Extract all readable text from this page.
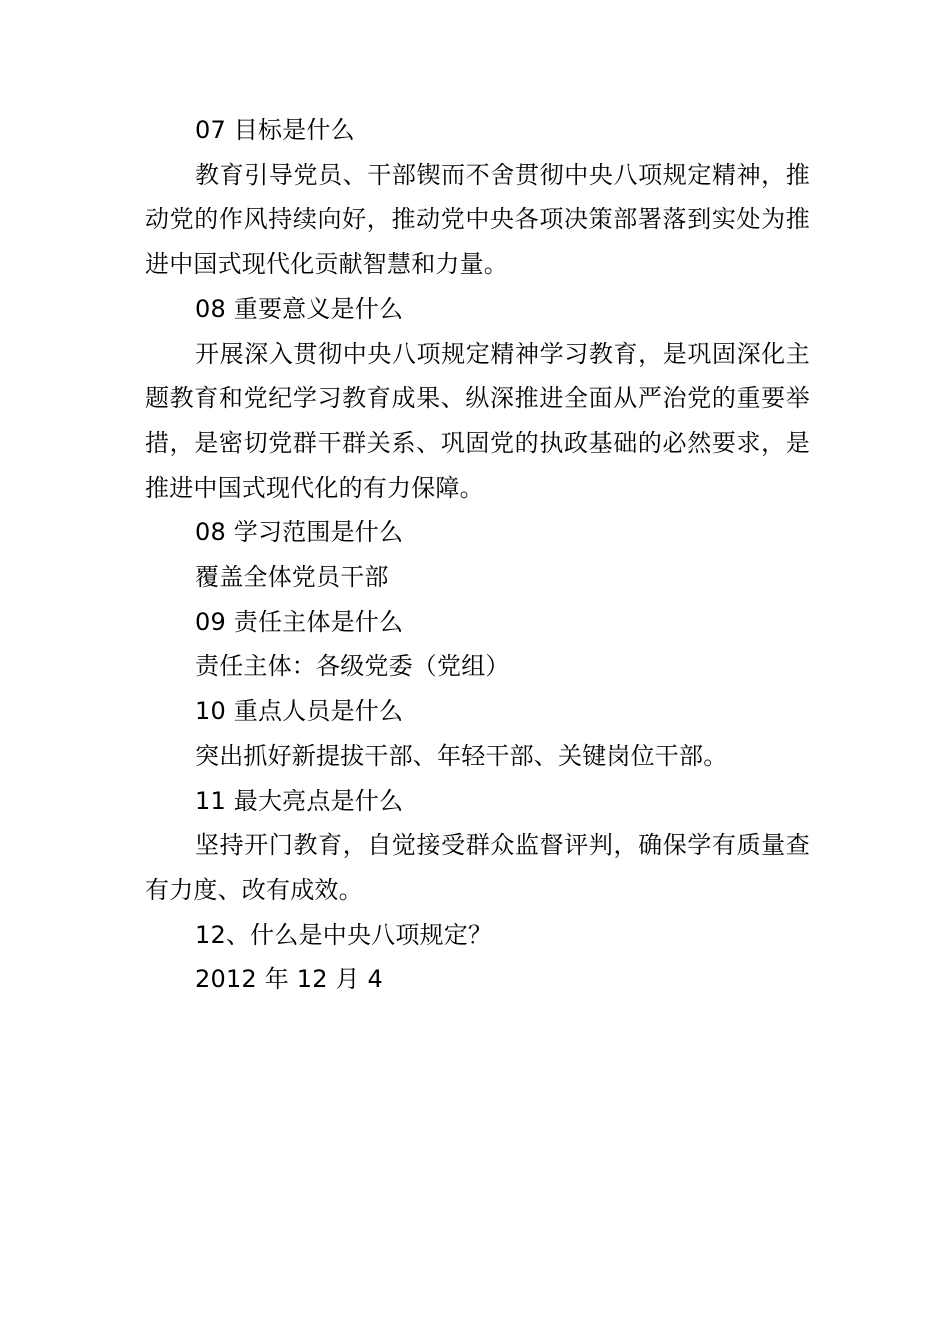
07 目标是什么

教育引导党员、干部锲而不舍贯彻中央八项规定精神，推动党的作风持续向好，推动党中央各项决策部署落到实处为推进中国式现代化贡献智慧和力量。

08 重要意义是什么

开展深入贯彻中央八项规定精神学习教育，是巩固深化主题教育和党纪学习教育成果、纵深推进全面从严治党的重要举措，是密切党群干群关系、巩固党的执政基础的必然要求，是推进中国式现代化的有力保障。

08 学习范围是什么

覆盖全体党员干部

09 责任主体是什么

责任主体：各级党委（党组）

10 重点人员是什么

突出抓好新提拔干部、年轻干部、关键岗位干部。

11 最大亮点是什么

坚持开门教育，自觉接受群众监督评判，确保学有质量查有力度、改有成效。

12、什么是中央八项规定？

2012 年 12 月 4
